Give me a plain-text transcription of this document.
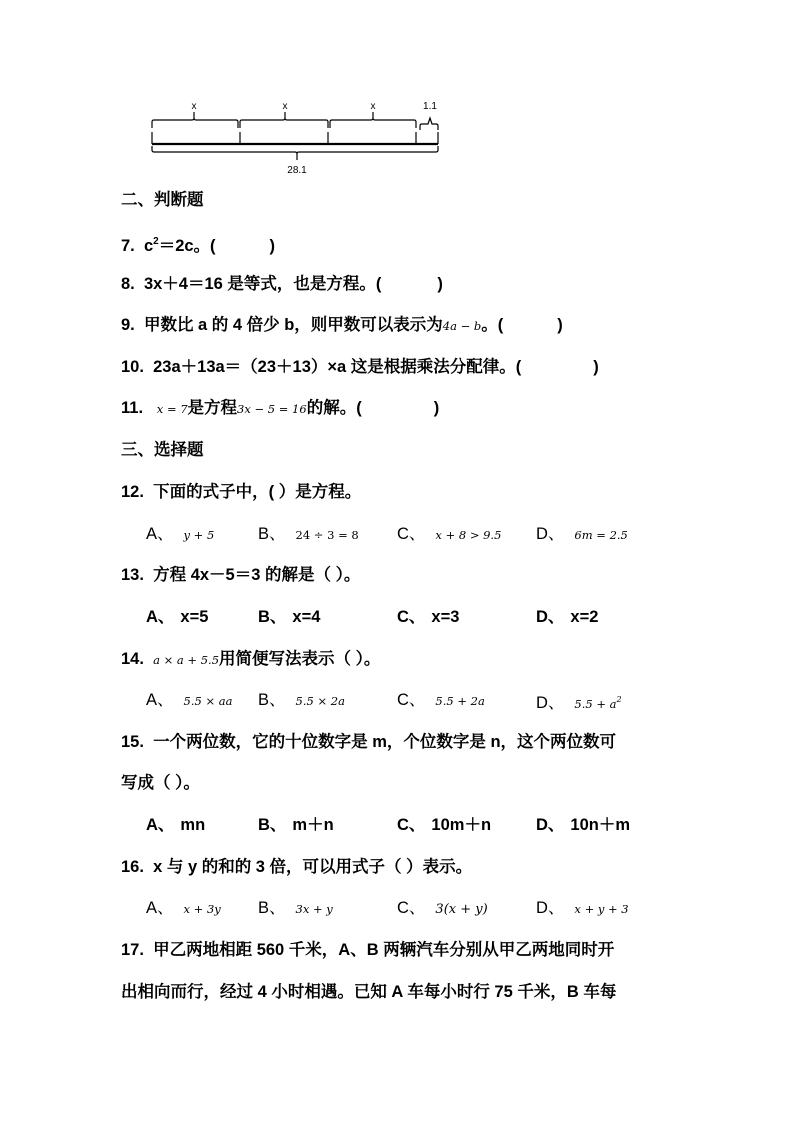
x	x	x	1.1
28.1
二、判断题
7. $c^2=2c$。(	)
8. 3x＋4＝16 是等式，也是方程。(	)
9. 甲数比 a 的 4 倍少 b，则甲数可以表示为4a − b。(	)
10. 23a＋13a＝（23＋13）×a 这是根据乘法分配律。(	)
11. x = 7是方程3x − 5 = 16的解。(	)
三、选择题
12. 下面的式子中，( ）是方程。
A、 y + 5	B、 24 ÷ 3 = 8 C、 x + 8 > 9.5 D、 6m = 2.5
13. 方程 4x－5＝3 的解是（ ）。
A、 x=5	B、 x=4	C、 x=3	D、 x=2
14. a × a + 5.5用简便写法表示（ ）。
A、 5.5 × aa B、 5.5 × 2a	C、 5.5 + 2a	D、 $5.5 + a^2$
15. 一个两位数，它的十位数字是 m，个位数字是 n，这个两位数可
写成（ ）。
A、 mn	B、 m＋n	C、 10m＋n	D、 10n＋m
16. x 与 y 的和的 3 倍，可以用式子（ ）表示。
A、 x + 3y B、 3x + y	C、 3(x + y)	D、 x + y + 3
17. 甲乙两地相距 560 千米，A、B 两辆汽车分别从甲乙两地同时开
出相向而行，经过 4 小时相遇。已知 A 车每小时行 75 千米，B 车每
